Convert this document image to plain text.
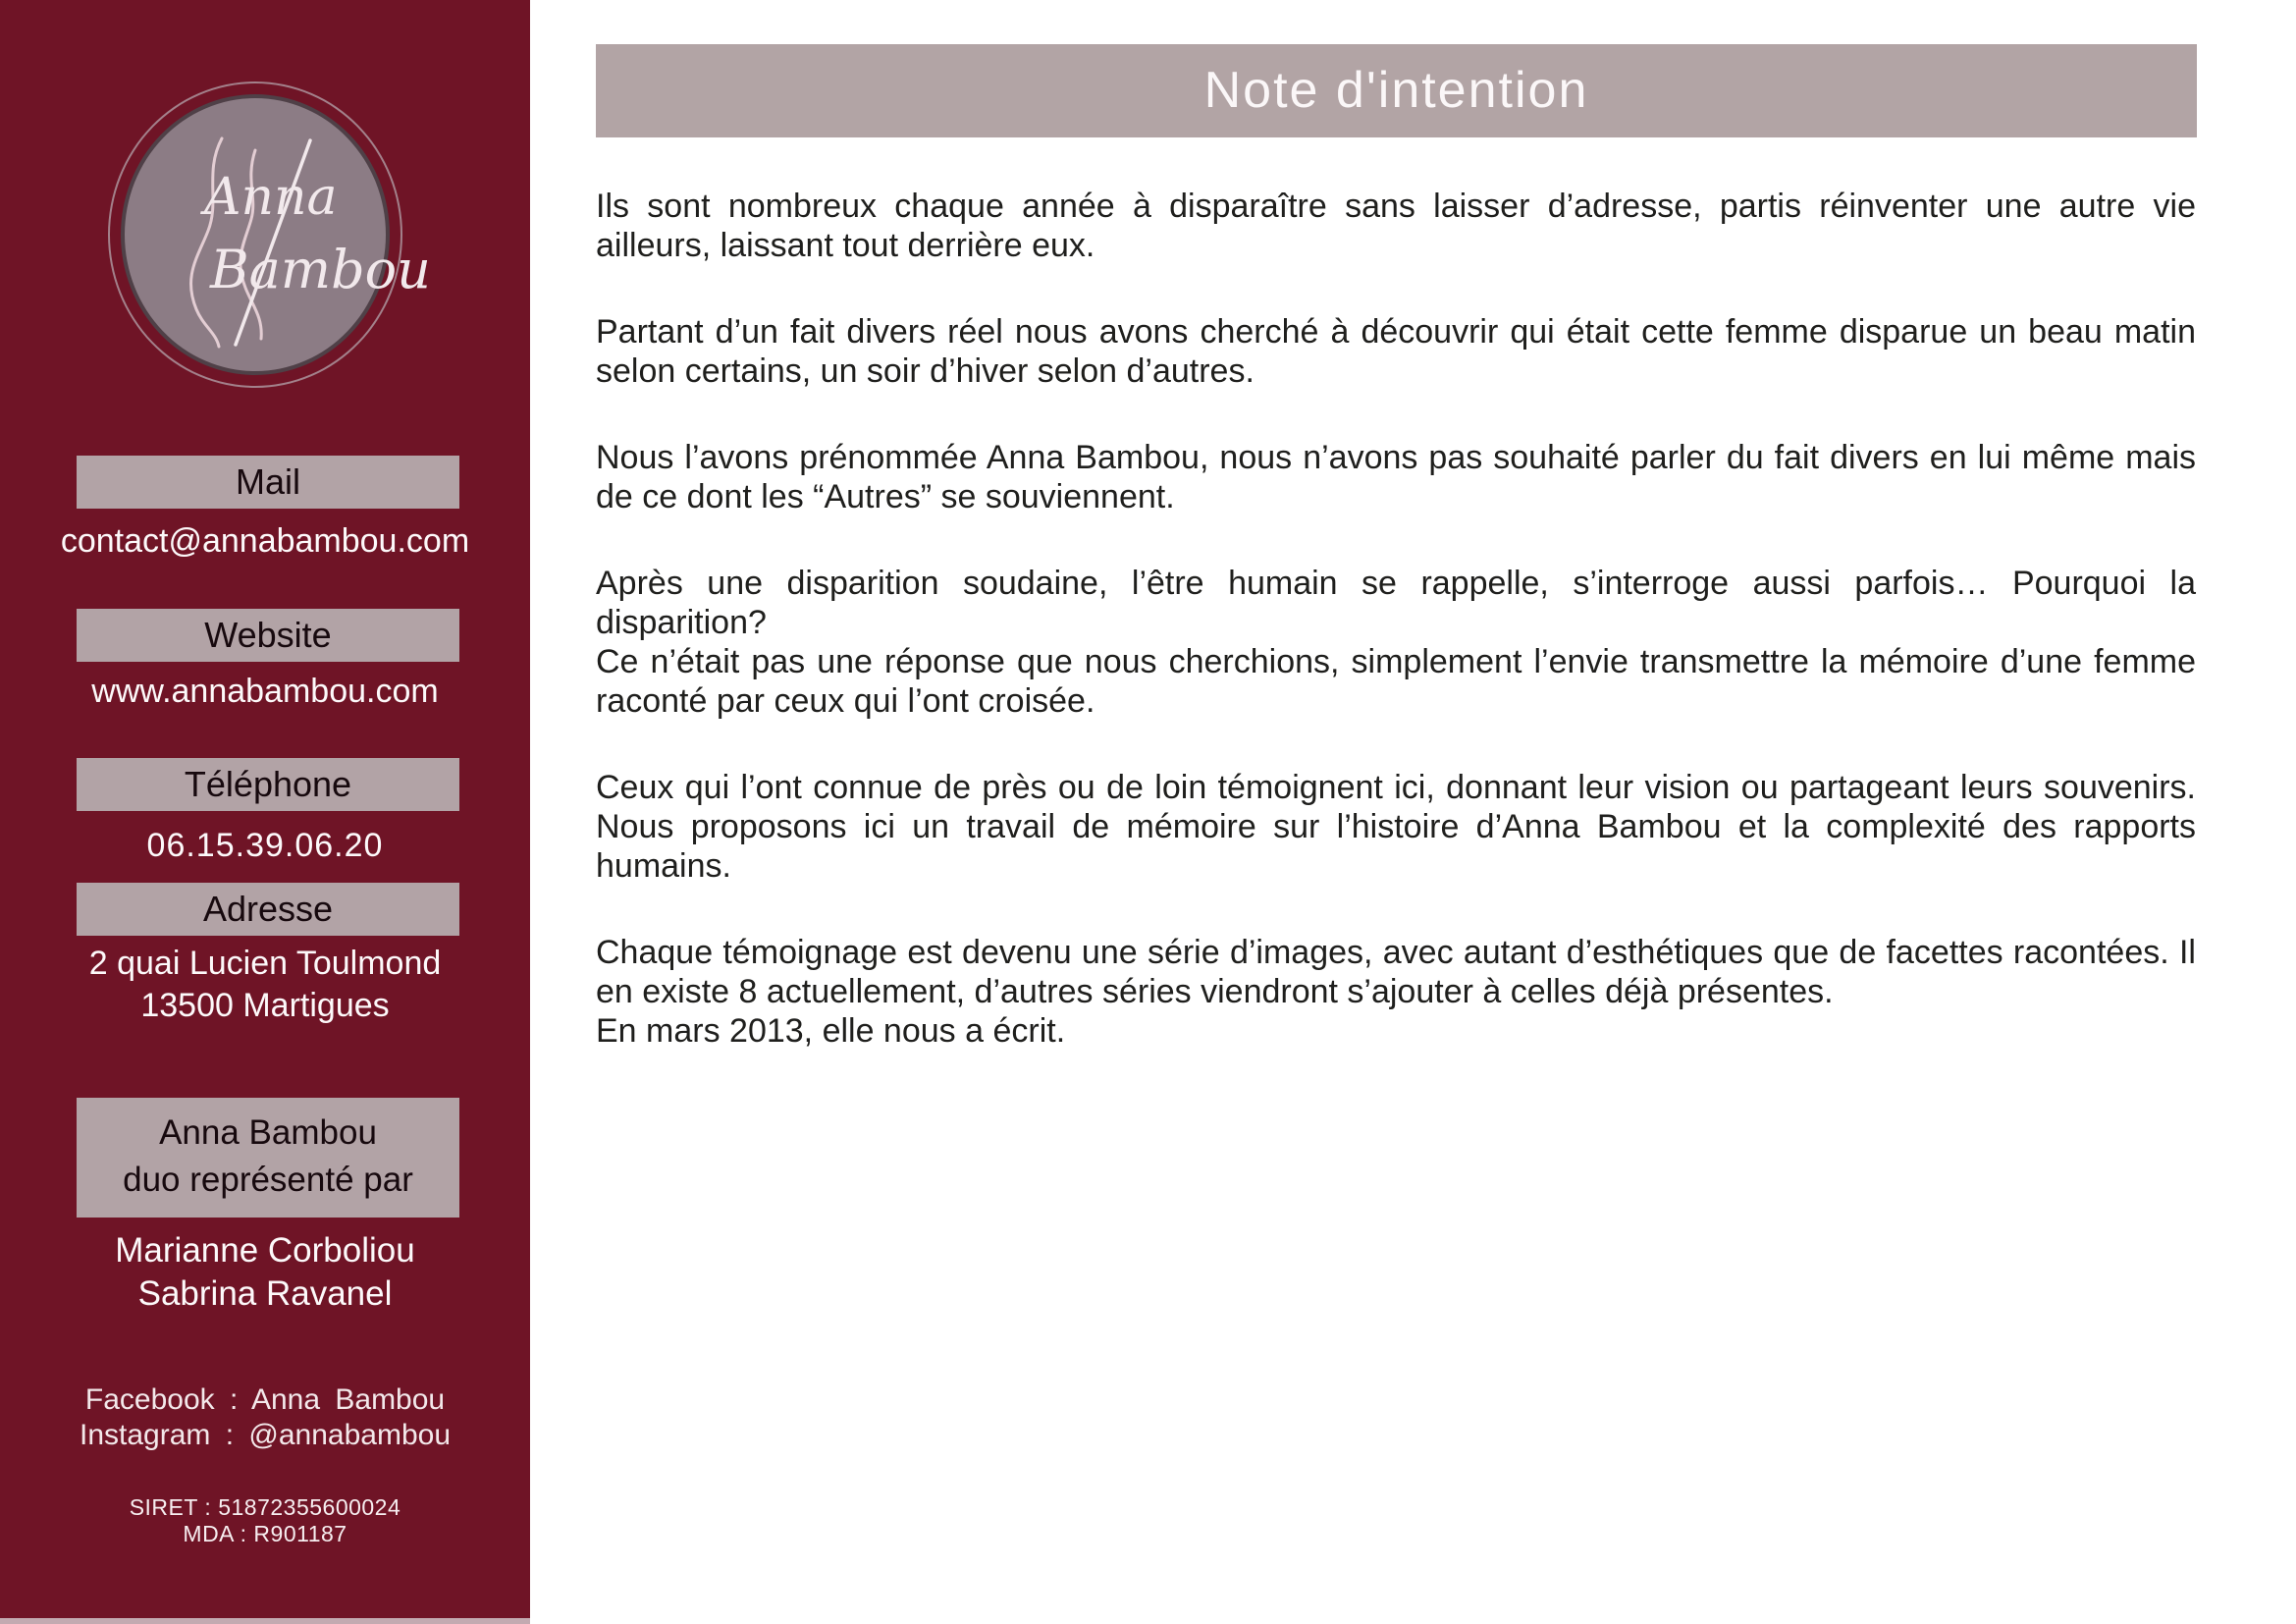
Anna
Bambou
Mail
contact@annabambou.com
Website
www.annabambou.com
Téléphone
06.15.39.06.20
Adresse
2 quai Lucien Toulmond
13500 Martigues
Anna Bambou
duo représenté par
Marianne Corboliou
Sabrina Ravanel
Facebook : Anna Bambou
Instagram : @annabambou
SIRET : 51872355600024
MDA : R901187
Note d'intention

Ils sont nombreux chaque année à disparaître sans laisser d’adresse, partis réinventer une autre vie ailleurs, laissant tout derrière eux.

Partant d’un fait divers réel nous avons cherché à découvrir qui était cette femme disparue un beau matin selon certains, un soir d’hiver selon d’autres.

Nous l’avons prénommée Anna Bambou, nous n’avons pas souhaité parler du fait divers en lui même mais de ce dont les “Autres” se souviennent.

Après une disparition soudaine, l’être humain se rappelle, s’interroge aussi parfois… Pourquoi la disparition?
Ce n’était pas une réponse que nous cherchions, simplement l’envie transmettre la mémoire d’une femme raconté par ceux qui l’ont croisée.

Ceux qui l’ont connue de près ou de loin témoignent ici, donnant leur vision ou partageant leurs souvenirs. Nous proposons ici un travail de mémoire sur l’histoire d’Anna Bambou et la complexité des rapports humains.

Chaque témoignage est devenu une série d’images, avec autant d’esthétiques que de facettes racontées. Il en existe 8 actuellement, d’autres séries viendront s’ajouter à celles déjà présentes.
En mars 2013, elle nous a écrit.
